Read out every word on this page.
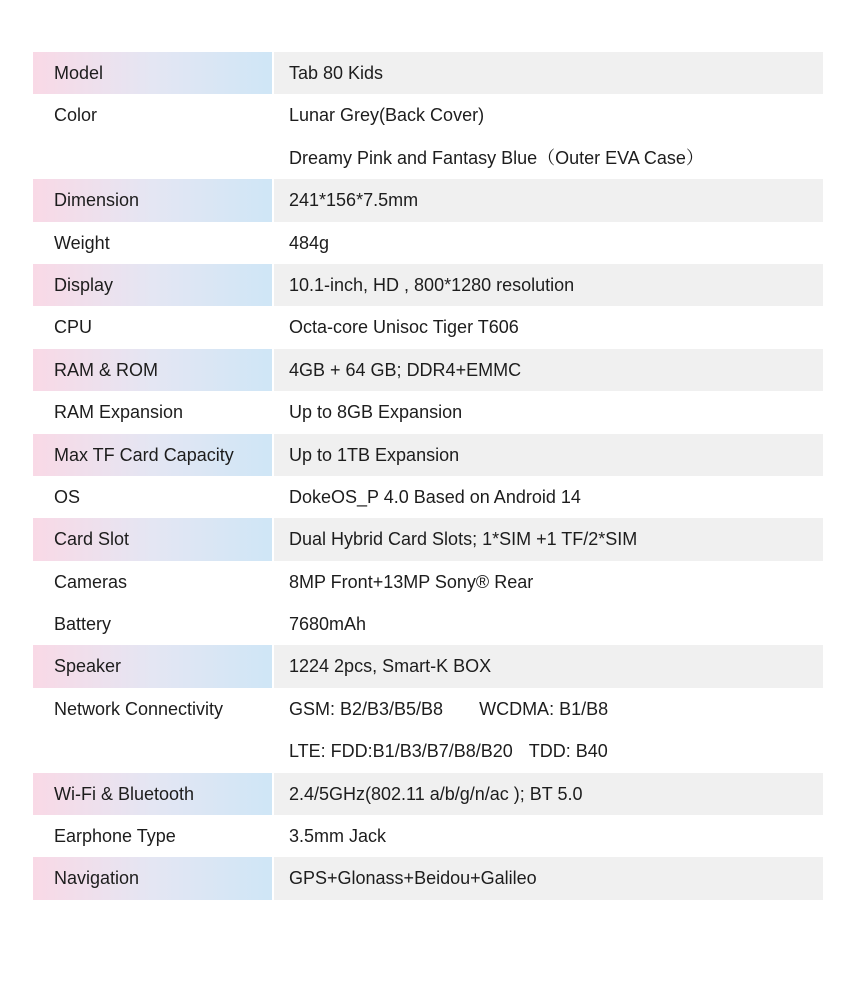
Model	Tab 80 Kids
Color	Lunar Grey(Back Cover)
Dreamy Pink and Fantasy Blue（Outer EVA Case）
Dimension	241*156*7.5mm
Weight	484g
Display	10.1-inch, HD , 800*1280 resolution
CPU	Octa-core Unisoc Tiger T606
RAM & ROM	4GB + 64 GB; DDR4+EMMC
RAM Expansion	Up to 8GB Expansion
Max TF Card Capacity	Up to 1TB Expansion
OS	DokeOS_P 4.0 Based on Android 14
Card Slot	Dual Hybrid Card Slots; 1*SIM +1 TF/2*SIM
Cameras	8MP Front+13MP Sony® Rear
Battery	7680mAh
Speaker	1224 2pcs, Smart-K BOX
Network Connectivity	GSM: B2/B3/B5/B8 WCDMA: B1/B8
LTE: FDD:B1/B3/B7/B8/B20 TDD: B40
Wi-Fi & Bluetooth	2.4/5GHz(802.11 a/b/g/n/ac ); BT 5.0
Earphone Type	3.5mm Jack
Navigation	GPS+Glonass+Beidou+Galileo
